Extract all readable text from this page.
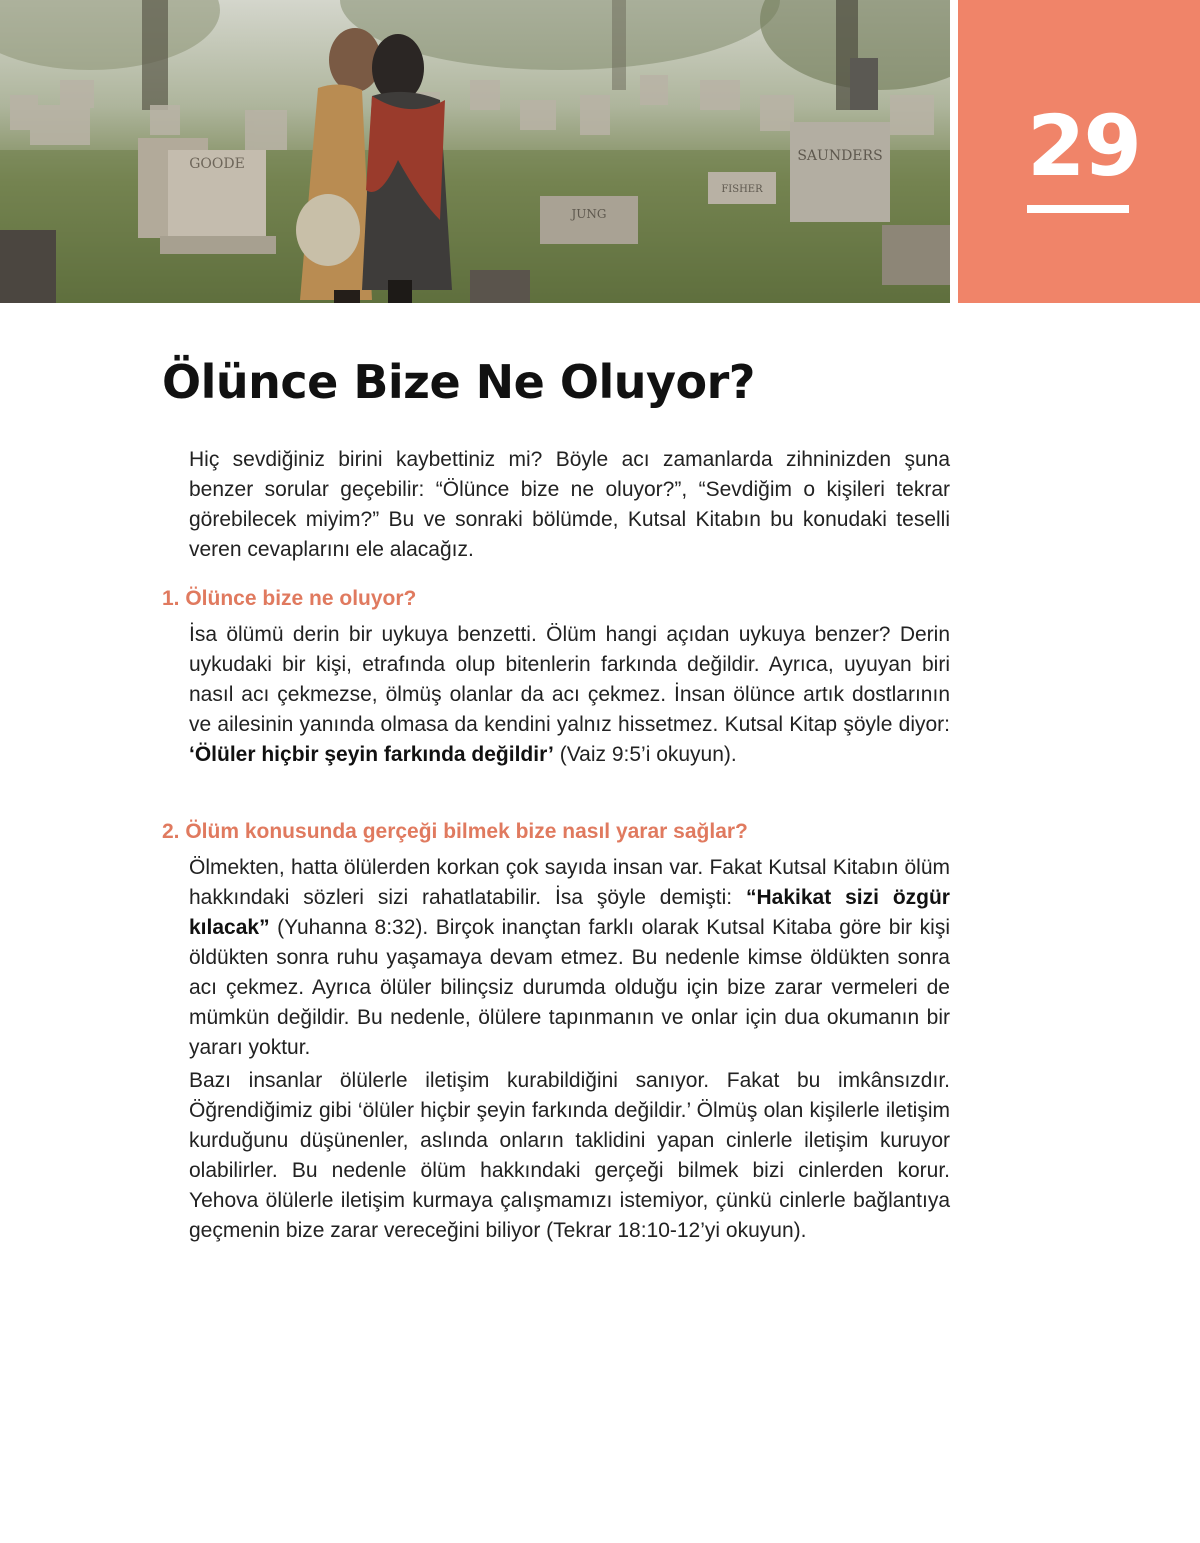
GOODE	SAUNDERS
JUNG
FISHER	29
Ölünce Bize Ne Oluyor?

Hiç sevdiğiniz birini kaybettiniz mi? Böyle acı zamanlarda zihninizden şuna benzer sorular geçebilir: “Ölünce bize ne oluyor?”, “Sevdiğim o kişileri tekrar görebilecek miyim?” Bu ve sonraki bölümde, Kutsal Kitabın bu konudaki teselli veren cevaplarını ele alacağız.

1. Ölünce bize ne oluyor?

İsa ölümü derin bir uykuya benzetti. Ölüm hangi açıdan uykuya benzer? Derin uykudaki bir kişi, etrafında olup bitenlerin farkında değildir. Ayrıca, uyuyan biri nasıl acı çekmezse, ölmüş olanlar da acı çekmez. İnsan ölünce artık dostlarının ve ailesinin yanında olmasa da kendini yalnız hissetmez. Kutsal Kitap şöyle diyor: ‘Ölüler hiçbir şeyin farkında değildir’ (Vaiz 9:5’i okuyun).

2. Ölüm konusunda gerçeği bilmek bize nasıl yarar sağlar?

Ölmekten, hatta ölülerden korkan çok sayıda insan var. Fakat Kutsal Kitabın ölüm hakkındaki sözleri sizi rahatlatabilir. İsa şöyle demişti: “Hakikat sizi özgür kılacak” (Yuhanna 8:32). Birçok inançtan farklı olarak Kutsal Kitaba göre bir kişi öldükten sonra ruhu yaşamaya devam etmez. Bu nedenle kimse öldükten sonra acı çekmez. Ayrıca ölüler bilinçsiz durumda olduğu için bize zarar vermeleri de mümkün değildir. Bu nedenle, ölülere tapınmanın ve onlar için dua okumanın bir yararı yoktur.

Bazı insanlar ölülerle iletişim kurabildiğini sanıyor. Fakat bu imkânsızdır. Öğrendiğimiz gibi ‘ölüler hiçbir şeyin farkında değildir.’ Ölmüş olan kişilerle iletişim kurduğunu düşünenler, aslında onların taklidini yapan cinlerle iletişim kuruyor olabilirler. Bu nedenle ölüm hakkındaki gerçeği bilmek bizi cinlerden korur. Yehova ölülerle iletişim kurmaya çalışmamızı istemiyor, çünkü cinlerle bağlantıya geçmenin bize zarar vereceğini biliyor (Tekrar 18:10-12’yi okuyun).
